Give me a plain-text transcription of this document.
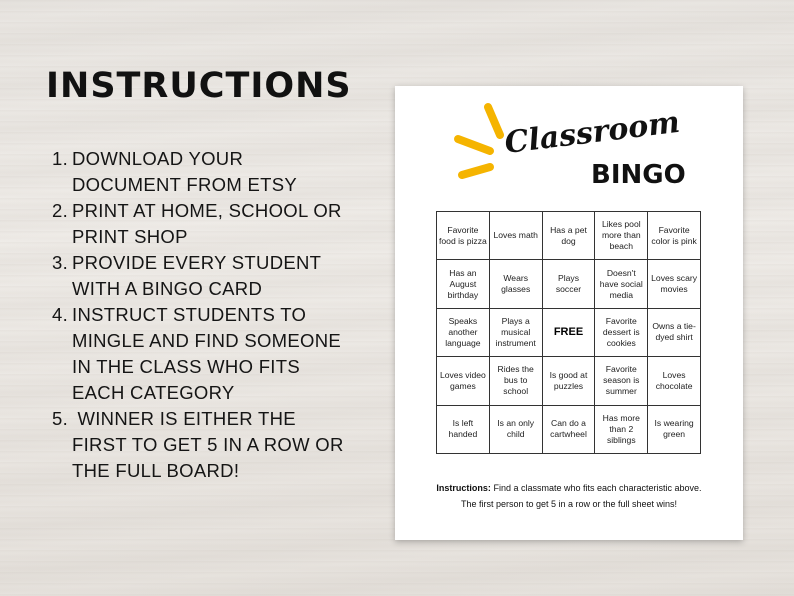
INSTRUCTIONS
1. DOWNLOAD YOUR DOCUMENT FROM ETSY
2. PRINT AT HOME, SCHOOL OR PRINT SHOP
3. PROVIDE EVERY STUDENT WITH A BINGO CARD
4. INSTRUCT STUDENTS TO MINGLE AND FIND SOMEONE IN THE CLASS WHO FITS EACH CATEGORY
5. WINNER IS EITHER THE FIRST TO GET 5 IN A ROW OR THE FULL BOARD!
Classroom
BINGO
Favorite food is pizza	Loves math	Has a pet dog	Likes pool more than beach	Favorite color is pink
Has an August birthday	Wears glasses	Plays soccer	Doesn't have social media	Loves scary movies
Speaks another language	Plays a musical instrument	FREE	Favorite dessert is cookies	Owns a tie-dyed shirt
Loves video games	Rides the bus to school	Is good at puzzles	Favorite season is summer	Loves chocolate
Is left handed	Is an only child	Can do a cartwheel	Has more than 2 siblings	Is wearing green
Instructions: Find a classmate who fits each characteristic above.
The first person to get 5 in a row or the full sheet wins!
